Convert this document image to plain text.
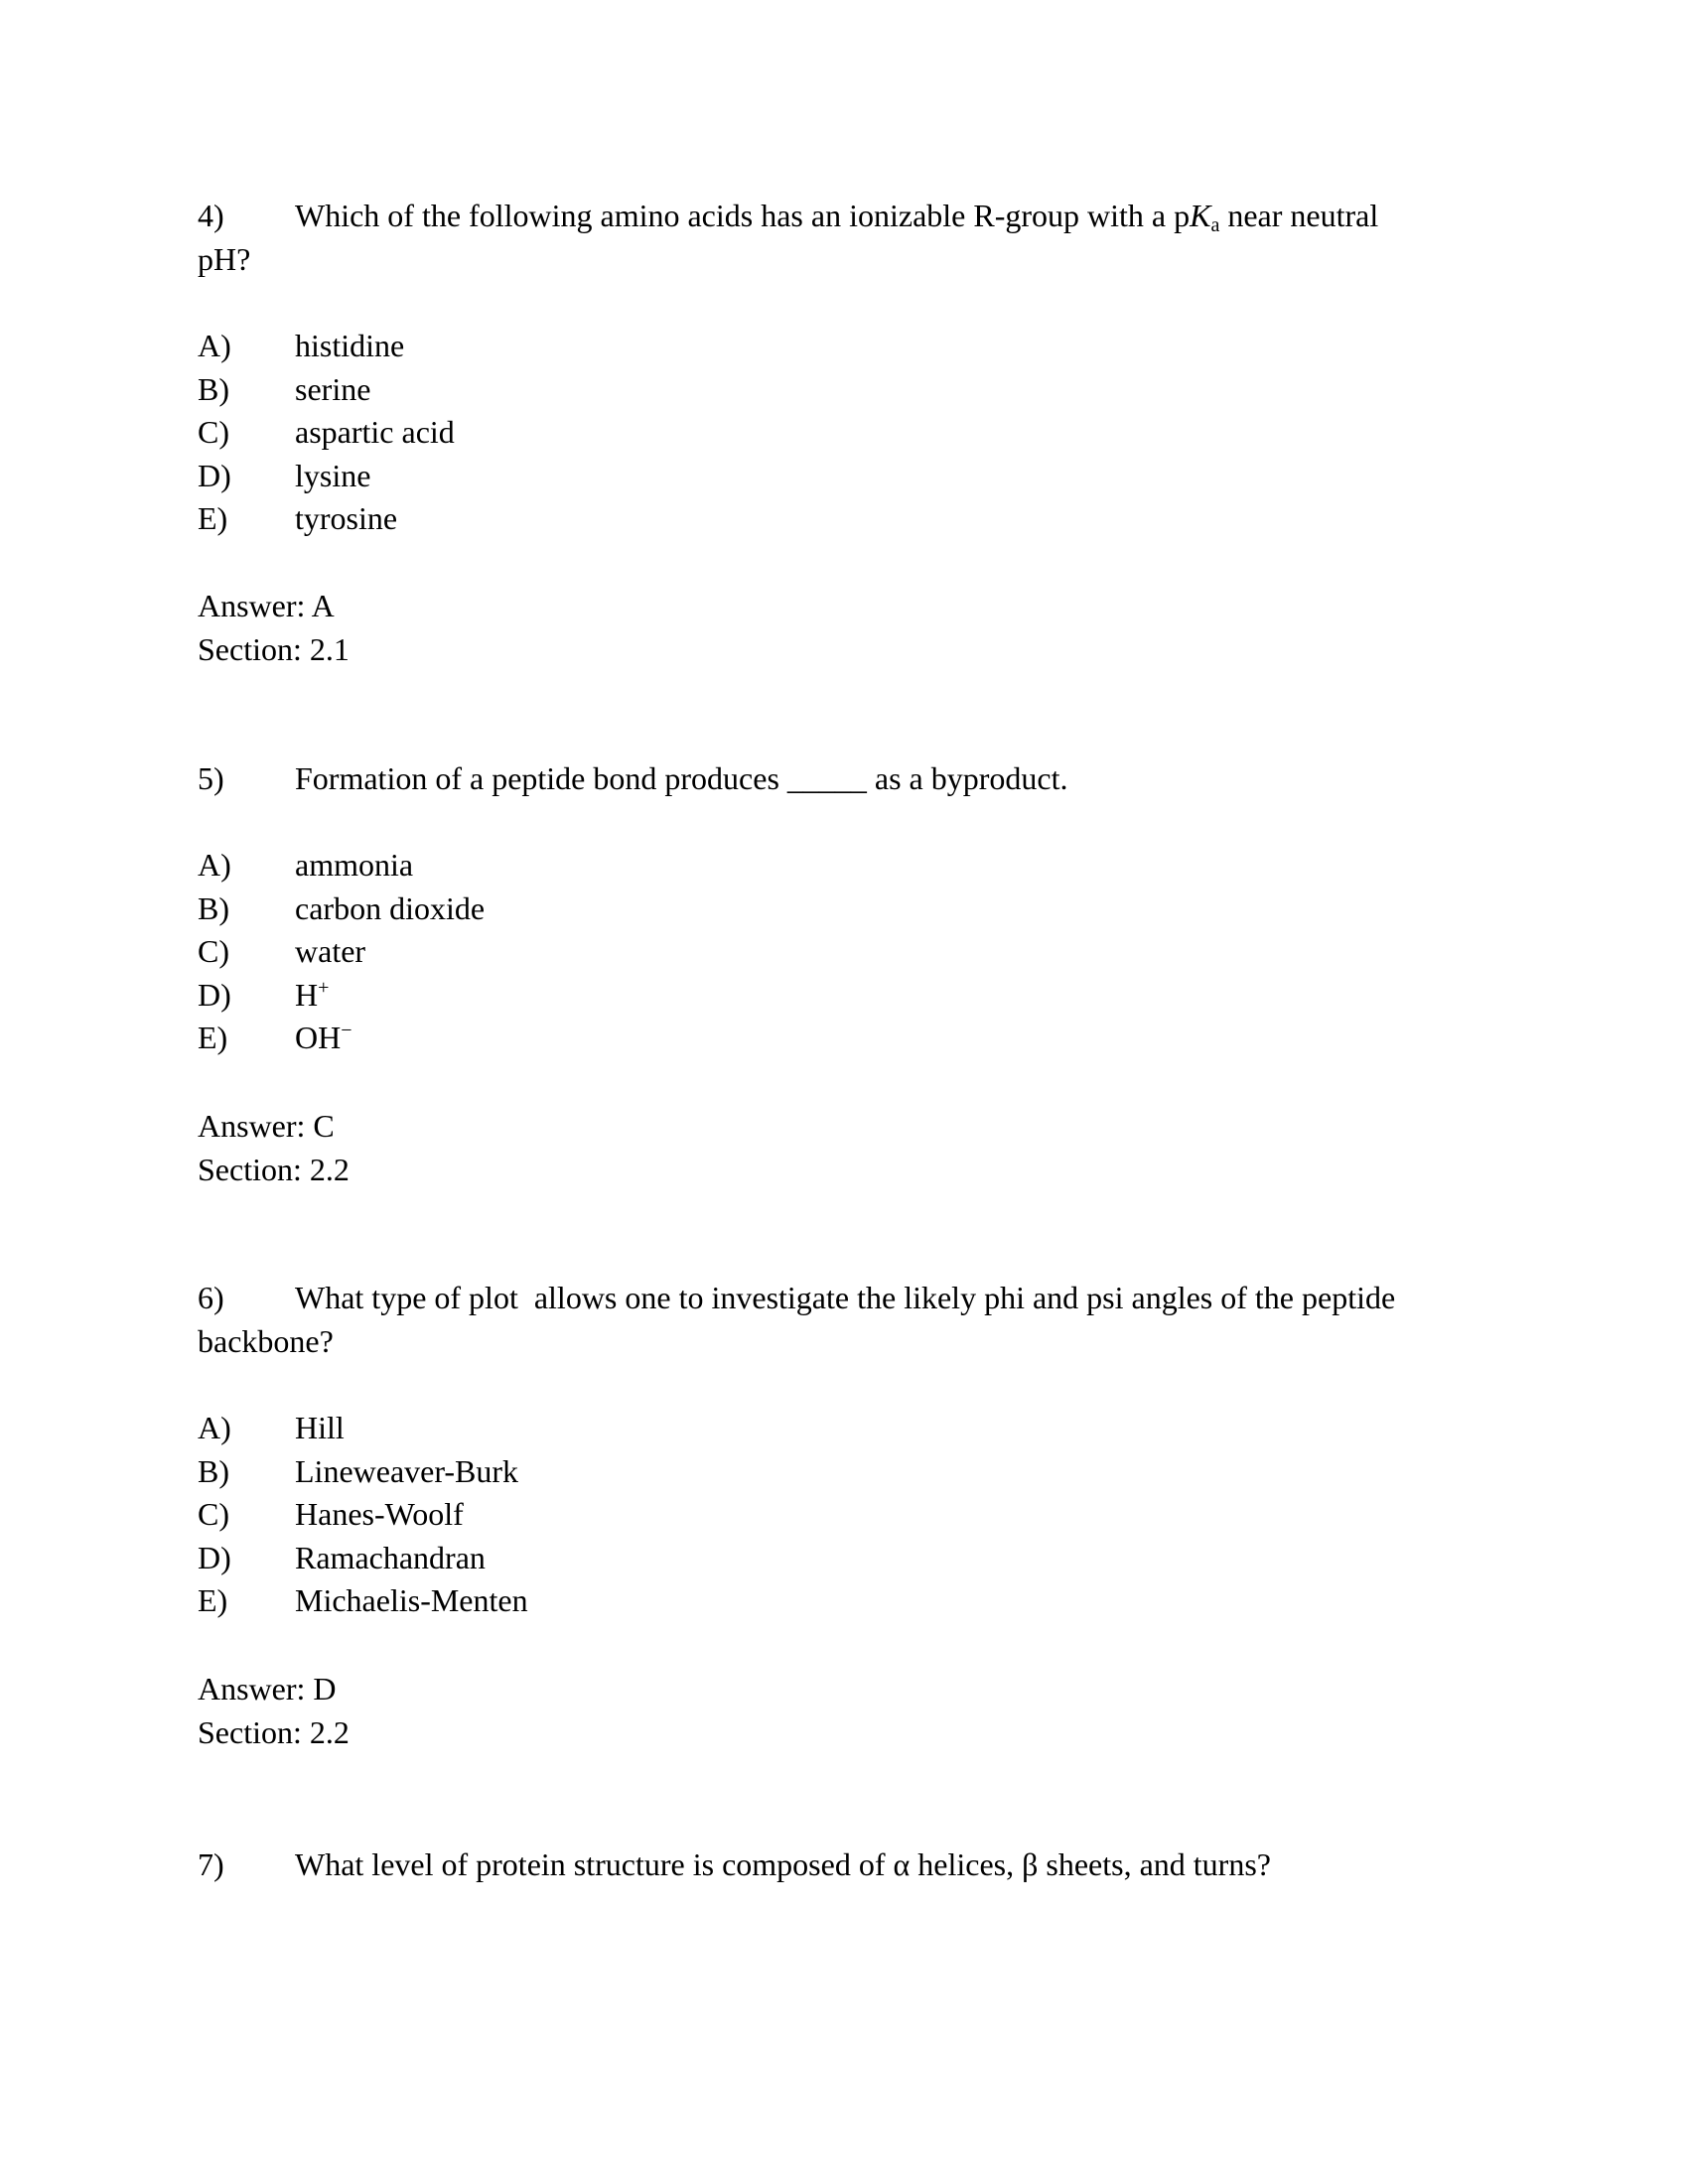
4) Which of the following amino acids has an ionizable R-group with a $pK_a$ near neutral
pH?
A) histidine
B) serine
C) aspartic acid
D) lysine
E) tyrosine
Answer: A
Section: 2.1
5) Formation of a peptide bond produces _____ as a byproduct.
A) ammonia
B) carbon dioxide
C) water
D) H+
E) OH−
Answer: C
Section: 2.2
6) What type of plot  allows one to investigate the likely phi and psi angles of the peptide
backbone?
A) Hill
B) Lineweaver-Burk
C) Hanes-Woolf
D) Ramachandran
E) Michaelis-Menten
Answer: D
Section: 2.2
7) What level of protein structure is composed of α helices, β sheets, and turns?
